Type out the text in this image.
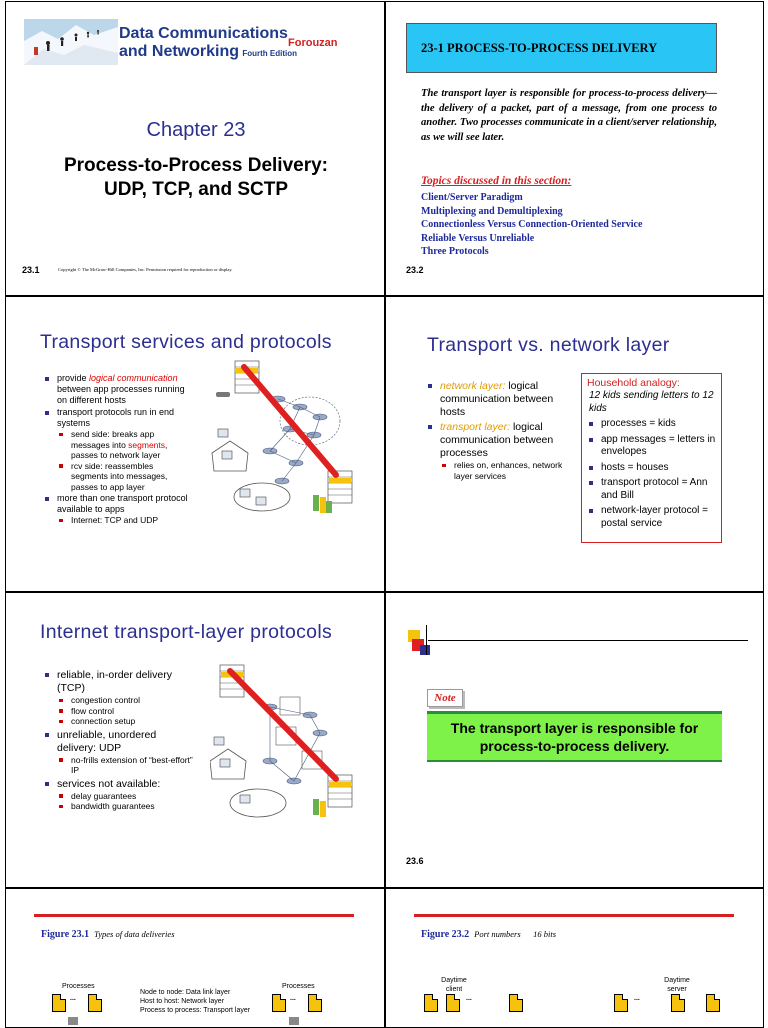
Data Communications
and Networking Fourth Edition
Forouzan
Chapter 23
Process-to-Process Delivery:
UDP, TCP, and SCTP
23.1	Copyright © The McGraw-Hill Companies, Inc. Permission required for reproduction or display.
23-1 PROCESS-TO-PROCESS DELIVERY
The transport layer is responsible for process-to-process delivery—the delivery of a packet, part of a message, from one process to another. Two processes communicate in a client/server relationship, as we will see later.
Topics discussed in this section:
Client/Server Paradigm
Multiplexing and Demultiplexing
Connectionless Versus Connection-Oriented Service
Reliable Versus Unreliable
Three Protocols
23.2
Transport services and protocols
provide logical communication between app processes running on different hosts
transport protocols run in end systems
send side: breaks app messages into segments, passes to network layer
rcv side: reassembles segments into messages, passes to app layer
more than one transport protocol available to apps
Internet: TCP and UDP
Transport vs. network layer
network layer: logical communication between hosts
transport layer: logical communication between processes
relies on, enhances, network layer services
Household analogy:
12 kids sending letters to 12 kids
processes = kids
app messages = letters in envelopes
hosts = houses
transport protocol = Ann and Bill
network-layer protocol = postal service
Internet transport-layer protocols
reliable, in-order delivery (TCP)
congestion control
flow control
connection setup
unreliable, unordered delivery: UDP
no-frills extension of “best-effort” IP
services not available:
delay guarantees
bandwidth guarantees
Note
The transport layer is responsible for
process-to-process delivery.
23.6
Figure 23.1 Types of data deliveries
Processes
...
Node to node: Data link layer
Host to host: Network layer
Process to process: Transport layer
Processes
...
Figure 23.2 Port numbers 16 bits
Daytime
client
...
Daytime
server
...
